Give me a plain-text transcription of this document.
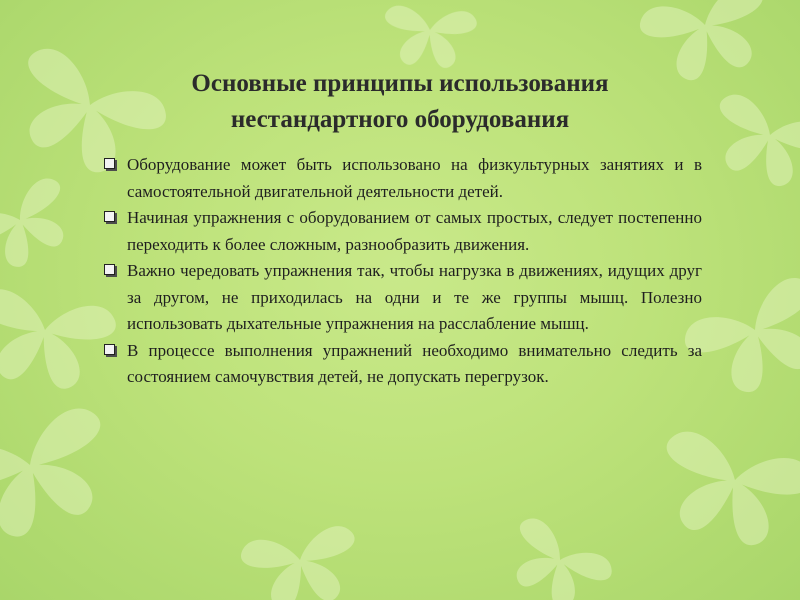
Основные принципы использования
нестандартного оборудования
Оборудование может быть использовано на физкультурных занятиях и в самостоятельной двигательной деятельности детей.
Начиная упражнения с оборудованием от самых простых, следует постепенно переходить к более сложным, разнообразить движения.
Важно чередовать упражнения так, чтобы нагрузка в движениях, идущих друг за другом, не приходилась на одни и те же группы мышц. Полезно использовать дыхательные упражнения на расслабление мышц.
В процессе выполнения упражнений необходимо внимательно следить за состоянием самочувствия детей, не допускать перегрузок.
